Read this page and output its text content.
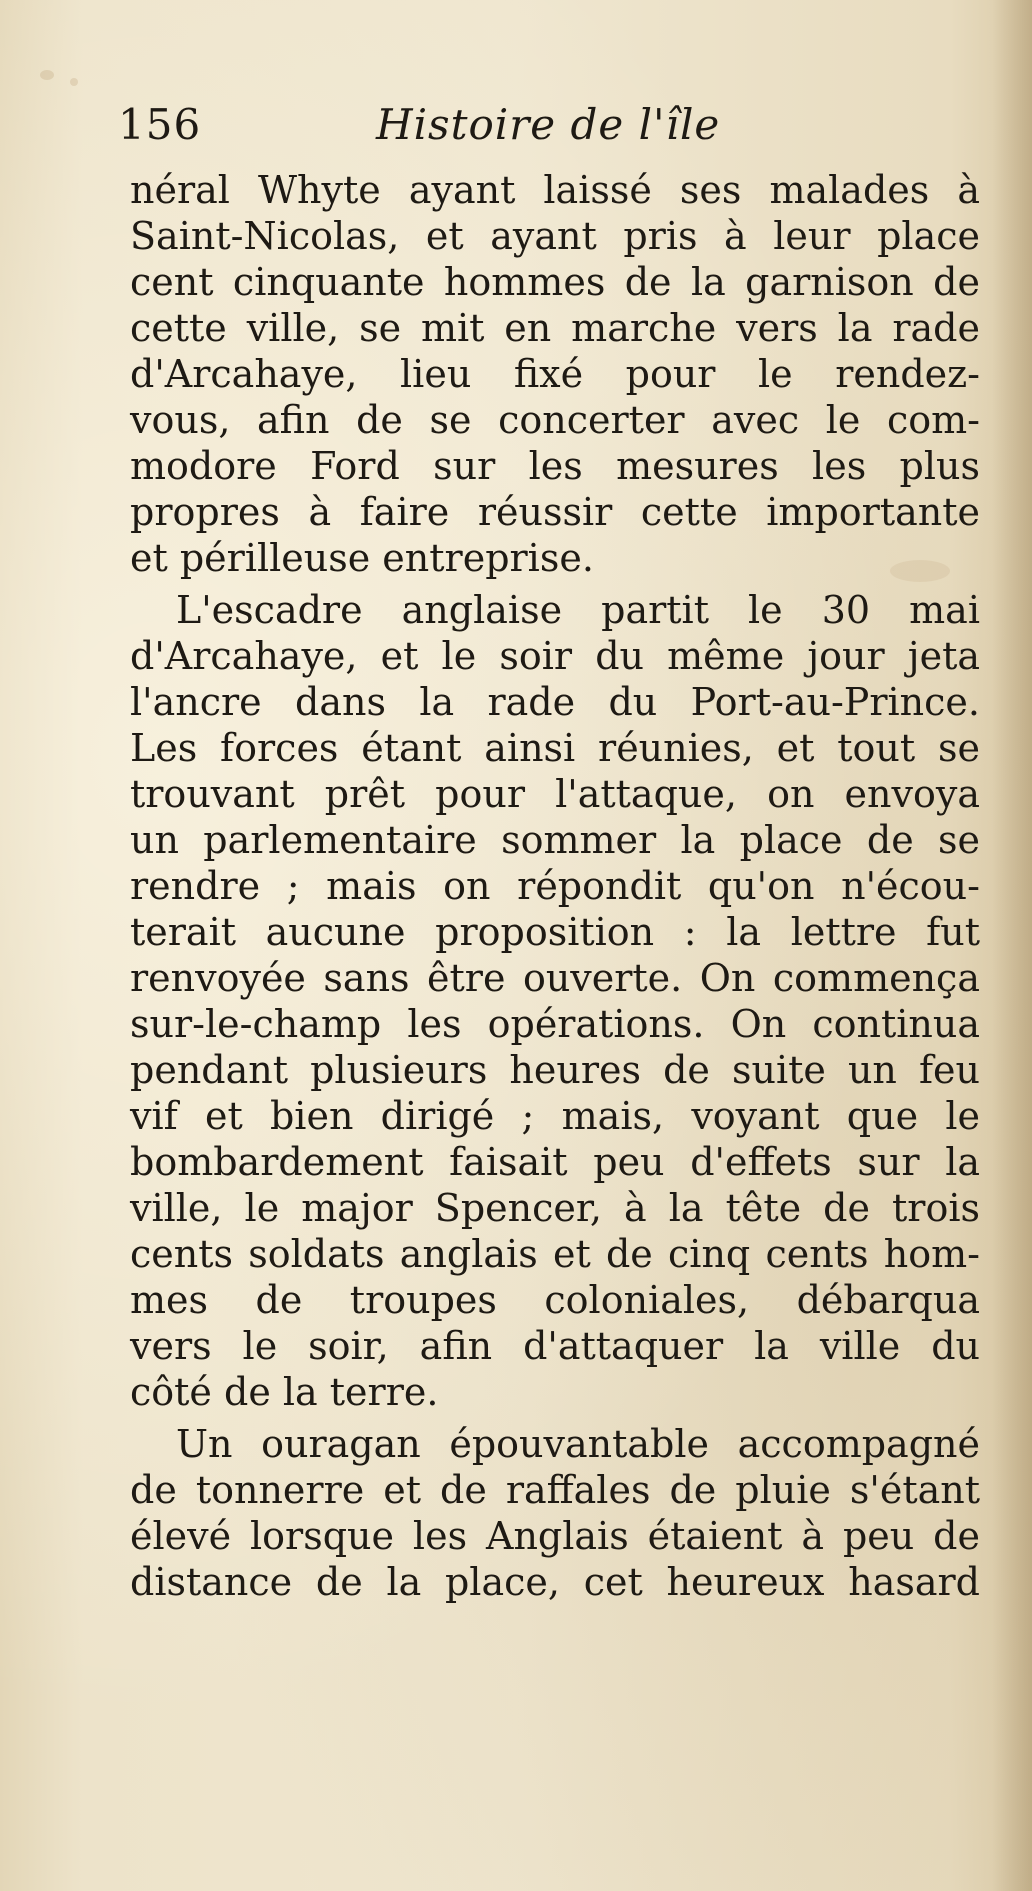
156	Histoire de l'île
néral Whyte ayant laissé ses malades à
Saint-Nicolas, et ayant pris à leur place
cent cinquante hommes de la garnison de
cette ville, se mit en marche vers la rade
d'Arcahaye, lieu fixé pour le rendez-
vous, afin de se concerter avec le com-
modore Ford sur les mesures les plus
propres à faire réussir cette importante
et périlleuse entreprise.
L'escadre anglaise partit le 30 mai
d'Arcahaye, et le soir du même jour jeta
l'ancre dans la rade du Port-au-Prince.
Les forces étant ainsi réunies, et tout se
trouvant prêt pour l'attaque, on envoya
un parlementaire sommer la place de se
rendre ; mais on répondit qu'on n'écou-
terait aucune proposition : la lettre fut
renvoyée sans être ouverte. On commença
sur-le-champ les opérations. On continua
pendant plusieurs heures de suite un feu
vif et bien dirigé ; mais, voyant que le
bombardement faisait peu d'effets sur la
ville, le major Spencer, à la tête de trois
cents soldats anglais et de cinq cents hom-
mes de troupes coloniales, débarqua
vers le soir, afin d'attaquer la ville du
côté de la terre.
Un ouragan épouvantable accompagné
de tonnerre et de raffales de pluie s'étant
élevé lorsque les Anglais étaient à peu de
distance de la place, cet heureux hasard
